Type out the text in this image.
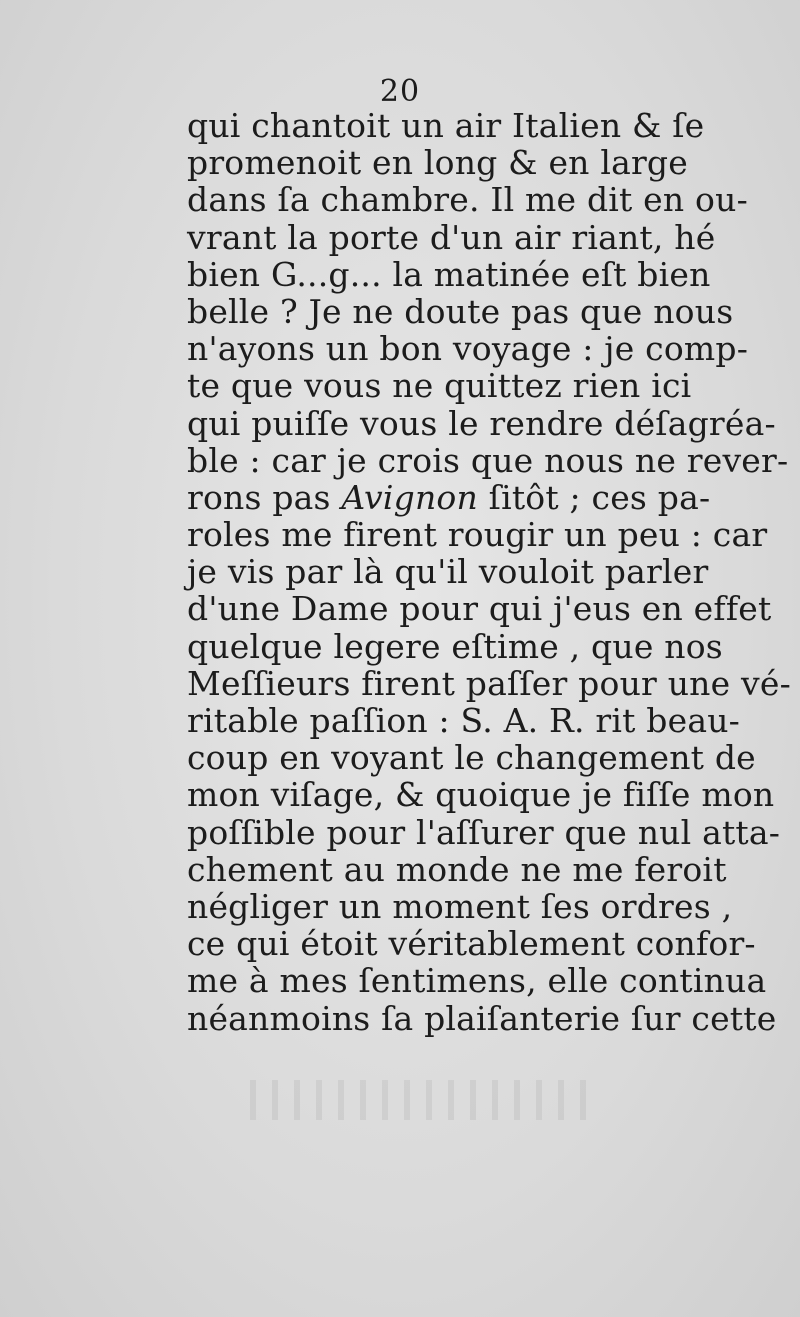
20
qui chantoit un air Italien & ſe
promenoit en long & en large
dans ſa chambre. Il me dit en ou-
vrant la porte d'un air riant, hé
bien G...g... la matinée eſt bien
belle ? Je ne doute pas que nous
n'ayons un bon voyage : je comp-
te que vous ne quittez rien ici
qui puiſſe vous le rendre déſagréa-
ble : car je crois que nous ne rever-
rons pas Avignon ſitôt ; ces pa-
roles me firent rougir un peu : car
je vis par là qu'il vouloit parler
d'une Dame pour qui j'eus en effet
quelque legere eſtime , que nos
Meſſieurs firent paſſer pour une vé-
ritable paſſion : S. A. R. rit beau-
coup en voyant le changement de
mon viſage, & quoique je fiſſe mon
poſſible pour l'aſſurer que nul atta-
chement au monde ne me feroit
négliger un moment ſes ordres ,
ce qui étoit véritablement confor-
me à mes ſentimens, elle continua
néanmoins ſa plaiſanterie ſur cette
